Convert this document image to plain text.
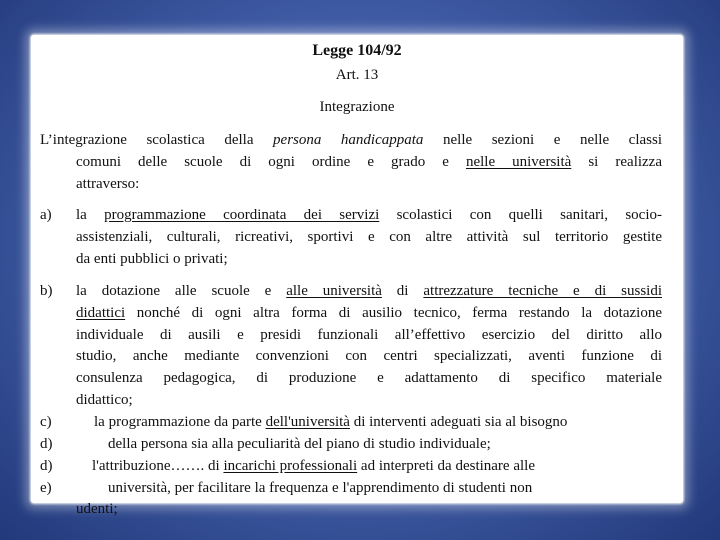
Legge 104/92
Art. 13
Integrazione
L’integrazione scolastica della persona handicappata nelle sezioni e nelle classi
comuni delle scuole di ogni ordine e grado e nelle università si realizza
attraverso:
a) la programmazione coordinata dei servizi scolastici con quelli sanitari, socio-
assistenziali, culturali, ricreativi, sportivi e con altre attività sul territorio gestite
da enti pubblici o privati;
b) la dotazione alle scuole e alle università di attrezzature tecniche e di sussidi
didattici nonché di ogni altra forma di ausilio tecnico, ferma restando la dotazione
individuale di ausili e presidi funzionali all’effettivo esercizio del diritto allo
studio, anche mediante convenzioni con centri specializzati, aventi funzione di
consulenza pedagogica, di produzione e adattamento di specifico materiale
didattico;
c)	la programmazione da parte dell'università di interventi adeguati sia al bisogno
d)	della persona sia alla peculiarità del piano di studio individuale;
d)	l'attribuzione……. di incarichi professionali ad interpreti da destinare alle
e)	università, per facilitare la frequenza e l'apprendimento di studenti non
udenti;
